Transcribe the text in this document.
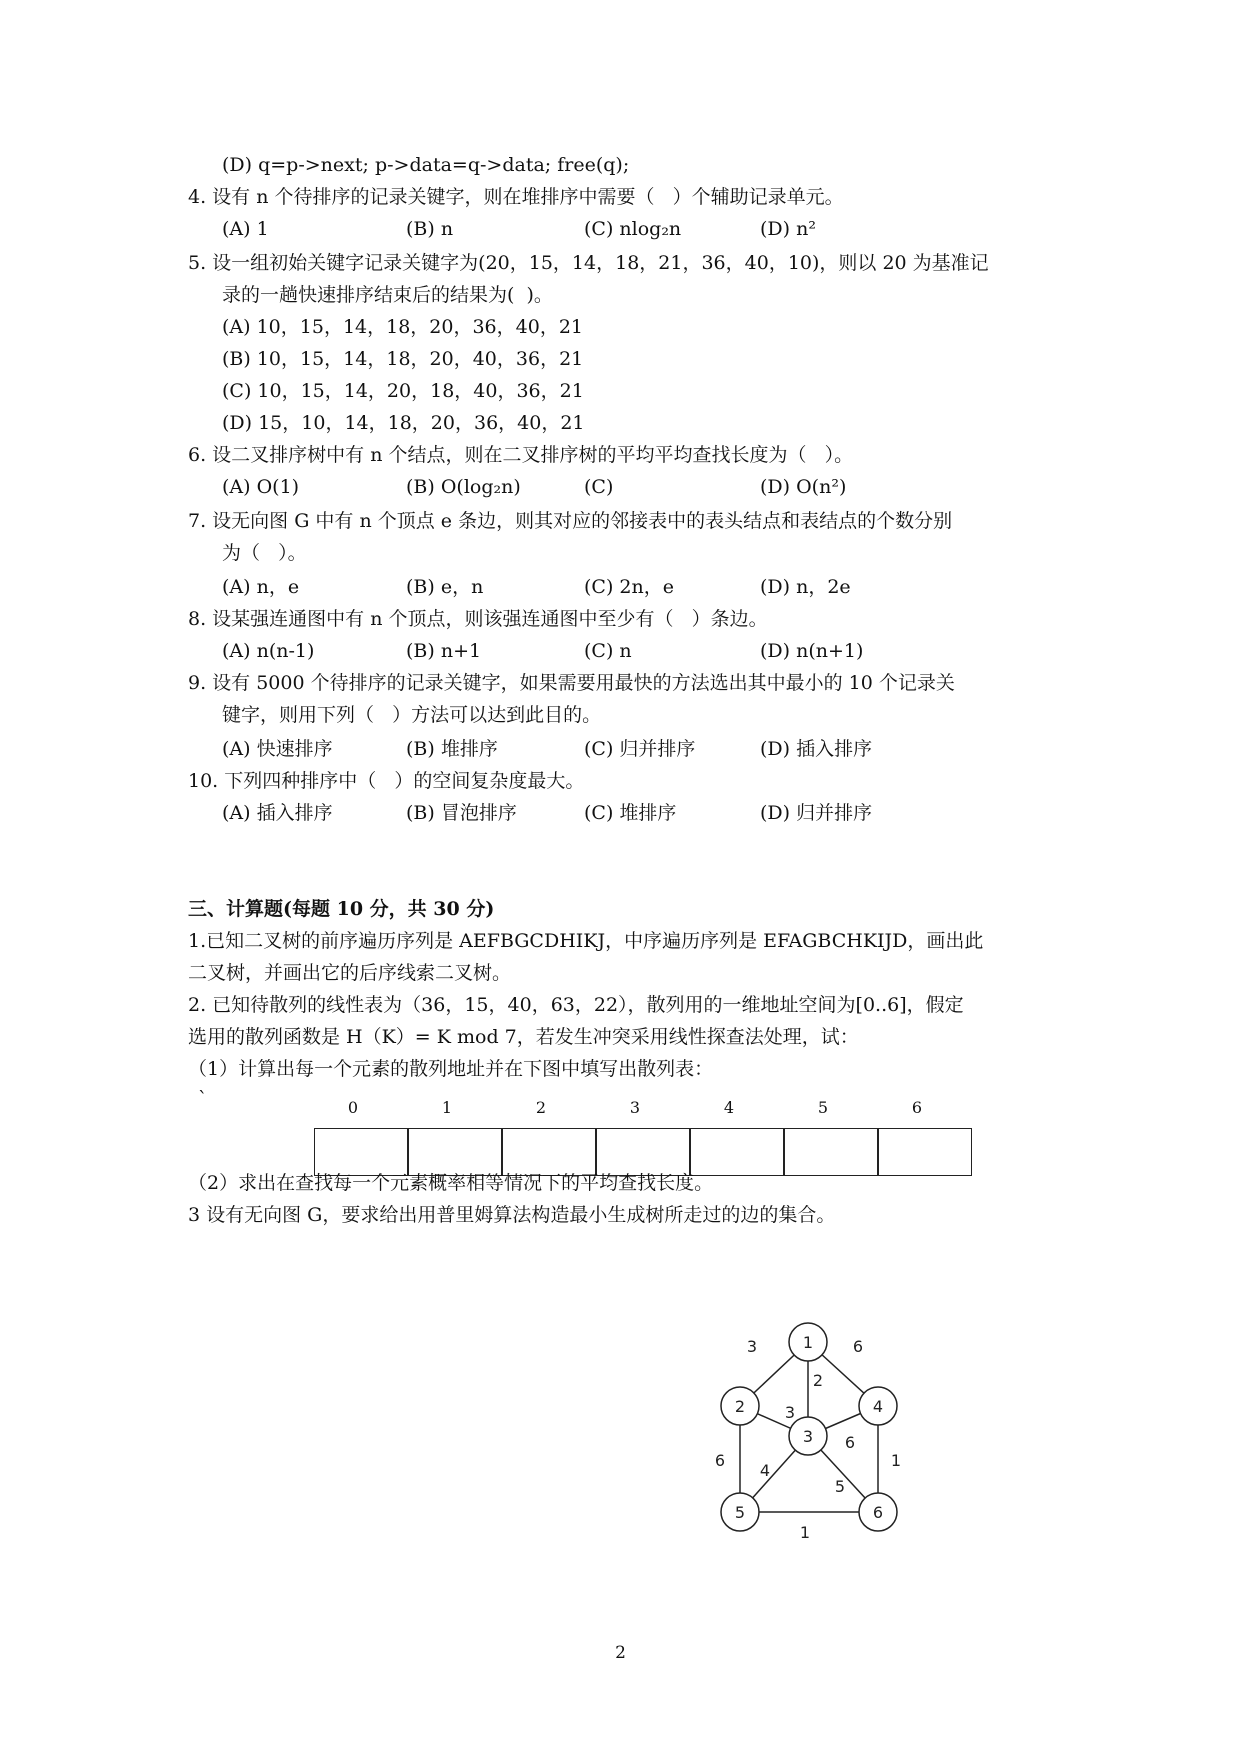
(D) q=p->next; p->data=q->data; free(q);
4. 设有 n 个待排序的记录关键字，则在堆排序中需要（   ）个辅助记录单元。
(A) 1	(B) n	(C) nlog₂n	(D) n²
5. 设一组初始关键字记录关键字为(20，15，14，18，21，36，40，10)，则以 20 为基准记
录的一趟快速排序结束后的结果为(  )。
(A) 10，15，14，18，20，36，40，21
(B) 10，15，14，18，20，40，36，21
(C) 10，15，14，20，18，40，36，21
(D) 15，10，14，18，20，36，40，21
6. 设二叉排序树中有 n 个结点，则在二叉排序树的平均平均查找长度为（   ）。
(A) O(1)	(B) O(log₂n)	(C)	(D) O(n²)
7. 设无向图 G 中有 n 个顶点 e 条边，则其对应的邻接表中的表头结点和表结点的个数分别
为（   ）。
(A) n，e	(B) e，n	(C) 2n，e	(D) n，2e
8. 设某强连通图中有 n 个顶点，则该强连通图中至少有（   ）条边。
(A) n(n-1)	(B) n+1	(C) n	(D) n(n+1)
9. 设有 5000 个待排序的记录关键字，如果需要用最快的方法选出其中最小的 10 个记录关
键字，则用下列（   ）方法可以达到此目的。
(A) 快速排序	(B) 堆排序	(C) 归并排序	(D) 插入排序
10. 下列四种排序中（   ）的空间复杂度最大。
(A) 插入排序	(B) 冒泡排序	(C) 堆排序	(D) 归并排序
三、计算题(每题 10 分，共 30 分)
1.已知二叉树的前序遍历序列是 AEFBGCDHIKJ，中序遍历序列是 EFAGBCHKIJD，画出此
二叉树，并画出它的后序线索二叉树。
2. 已知待散列的线性表为（36，15，40，63，22），散列用的一维地址空间为[0..6]，假定
选用的散列函数是 H（K）= K mod 7，若发生冲突采用线性探查法处理，试：
（1）计算出每一个元素的散列地址并在下图中填写出散列表：
`	0	1	2	3	4	5	6
（2）求出在查找每一个元素概率相等情况下的平均查找长度。
3 设有无向图 G，要求给出用普里姆算法构造最小生成树所走过的边的集合。
3	6
2
3
6
6
4
5
1
1
1
2
3
4
5	6
2
